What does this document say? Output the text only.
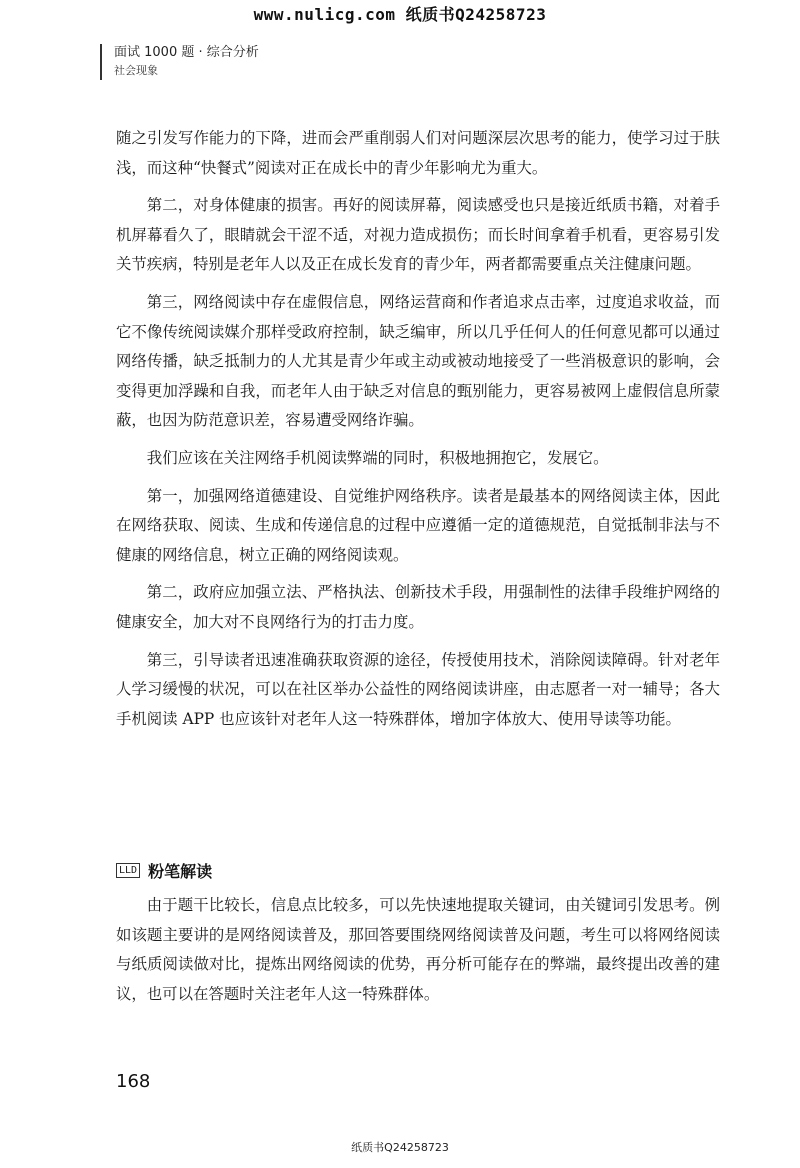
www.nulicg.com 纸质书Q24258723
面试 1000 题 · 综合分析
社会现象

随之引发写作能力的下降，进而会严重削弱人们对问题深层次思考的能力，使学习过于肤浅，而这种“快餐式”阅读对正在成长中的青少年影响尤为重大。

第二，对身体健康的损害。再好的阅读屏幕，阅读感受也只是接近纸质书籍，对着手机屏幕看久了，眼睛就会干涩不适，对视力造成损伤；而长时间拿着手机看，更容易引发关节疾病，特别是老年人以及正在成长发育的青少年，两者都需要重点关注健康问题。

第三，网络阅读中存在虚假信息，网络运营商和作者追求点击率，过度追求收益，而它不像传统阅读媒介那样受政府控制，缺乏编审，所以几乎任何人的任何意见都可以通过网络传播，缺乏抵制力的人尤其是青少年或主动或被动地接受了一些消极意识的影响，会变得更加浮躁和自我，而老年人由于缺乏对信息的甄别能力，更容易被网上虚假信息所蒙蔽，也因为防范意识差，容易遭受网络诈骗。

我们应该在关注网络手机阅读弊端的同时，积极地拥抱它，发展它。

第一，加强网络道德建设、自觉维护网络秩序。读者是最基本的网络阅读主体，因此在网络获取、阅读、生成和传递信息的过程中应遵循一定的道德规范，自觉抵制非法与不健康的网络信息，树立正确的网络阅读观。

第二，政府应加强立法、严格执法、创新技术手段，用强制性的法律手段维护网络的健康安全，加大对不良网络行为的打击力度。

第三，引导读者迅速准确获取资源的途径，传授使用技术，消除阅读障碍。针对老年人学习缓慢的状况，可以在社区举办公益性的网络阅读讲座，由志愿者一对一辅导；各大手机阅读 APP 也应该针对老年人这一特殊群体，增加字体放大、使用导读等功能。

LLD 粉笔解读

由于题干比较长，信息点比较多，可以先快速地提取关键词，由关键词引发思考。例如该题主要讲的是网络阅读普及，那回答要围绕网络阅读普及问题，考生可以将网络阅读与纸质阅读做对比，提炼出网络阅读的优势，再分析可能存在的弊端，最终提出改善的建议，也可以在答题时关注老年人这一特殊群体。

168
纸质书Q24258723
